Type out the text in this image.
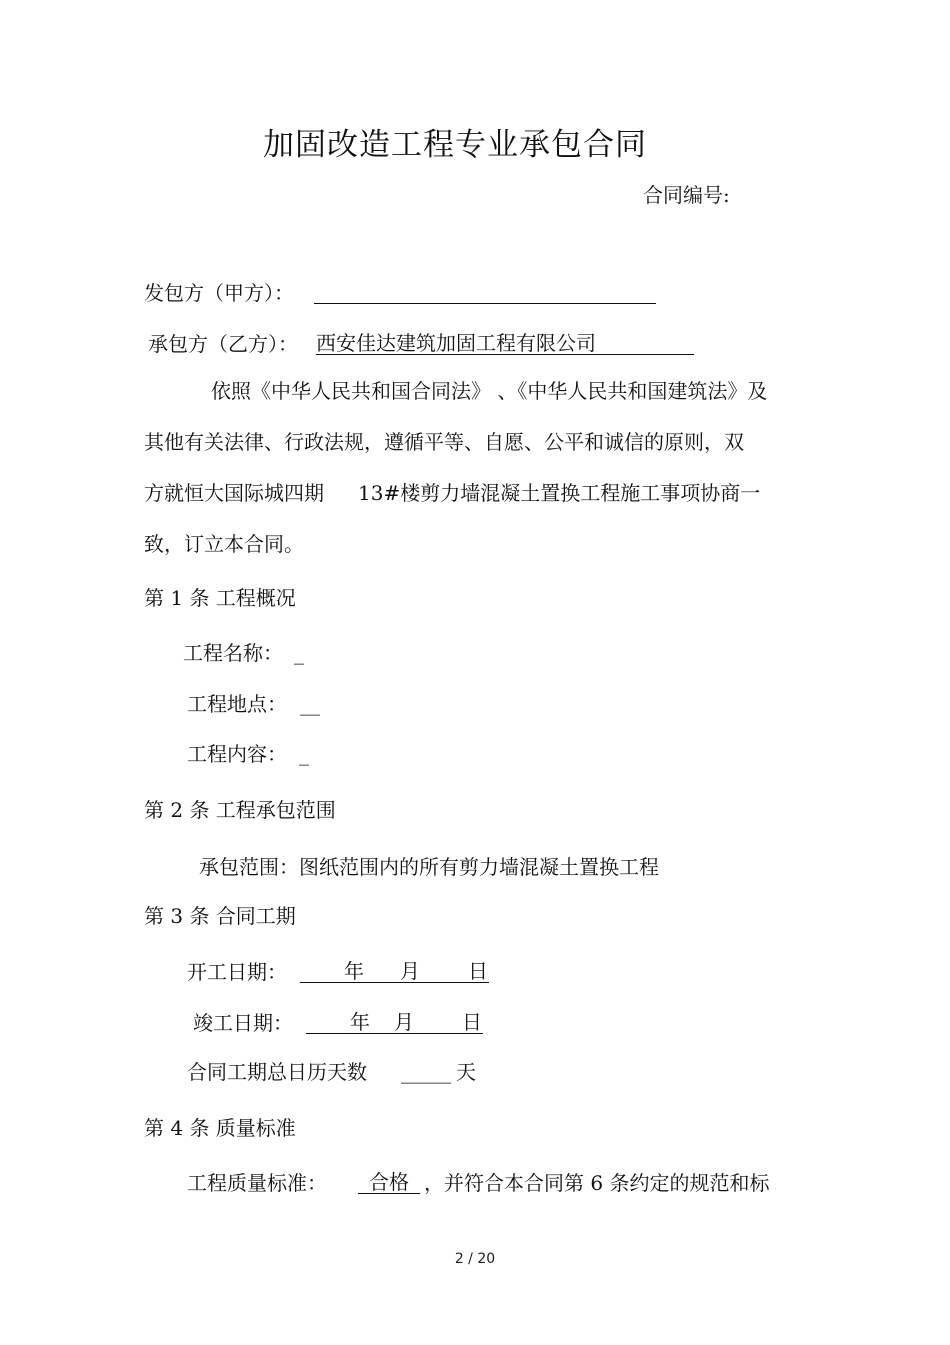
加固改造工程专业承包合同
合同编号:
发包方（甲方）：
承包方（乙方）： 西安佳达建筑加固工程有限公司
依照《中华人民共和国合同法》 、《中华人民共和国建筑法》及
其他有关法律、行政法规，遵循平等、自愿、公平和诚信的原则，双
方就恒大国际城四期 13#楼剪力墙混凝土置换工程施工事项协商一
致，订立本合同。
第 1 条 工程概况
工程名称： _
工程地点： __
工程内容： _
第 2 条 工程承包范围
承包范围：图纸范围内的所有剪力墙混凝土置换工程
第 3 条 合同工期
开工日期：	年 月 日
竣工日期：	年 月 日
合同工期总日历天数 _____ 天
第 4 条 质量标准
工程质量标准：	合格 ，并符合本合同第 6 条约定的规范和标
2 / 20
